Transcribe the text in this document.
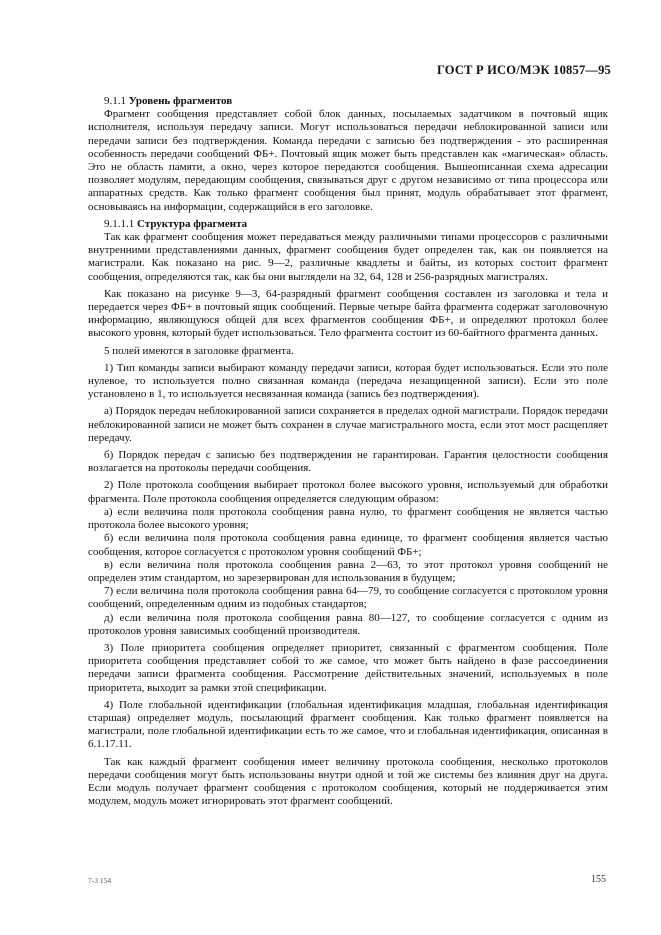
ГОСТ Р ИСО/МЭК 10857—95

9.1.1 Уровень фрагментов

Фрагмент сообщения представляет собой блок данных, посылаемых задатчиком в почтовый ящик исполнителя, используя передачу записи. Могут использоваться передачи неблокированной записи или передачи записи без подтверждения. Команда передачи с записью без подтверждения - это расширенная особенность передачи сообщений ФБ+. Почтовый ящик может быть представлен как «магическая» область. Это не область памяти, а окно, через которое передаются сообщения. Вышеописанная схема адресации позволяет модулям, передающим сообщения, связываться друг с другом независимо от типа процессора или аппаратных средств. Как только фрагмент сообщения был принят, модуль обрабатывает этот фрагмент, основываясь на информации, содержащийся в его заголовке.

9.1.1.1 Структура фрагмента

Так как фрагмент сообщения может передаваться между различными типами процессоров с различными внутренними представлениями данных, фрагмент сообщения будет определен так, как он появляется на магистрали. Как показано на рис. 9—2, различные квадлеты и байты, из которых состоит фрагмент сообщения, определяются так, как бы они выглядели на 32, 64, 128 и 256-разрядных магистралях.

Как показано на рисунке 9—3, 64-разрядный фрагмент сообщения составлен из заголовка и тела и передается через ФБ+ в почтовый ящик сообщений. Первые четыре байта фрагмента содержат заголовочную информацию, являющуюся общей для всех фрагментов сообщения ФБ+, и определяют протокол более высокого уровня, который будет использоваться. Тело фрагмента состоит из 60-байтного фрагмента данных.

5 полей имеются в заголовке фрагмента.

1) Тип команды записи выбирают команду передачи записи, которая будет использоваться. Если это поле нулевое, то используется полно связанная команда (передача незащищенной записи). Если это поле установлено в 1, то используется несвязанная команда (запись без подтверждения).

а) Порядок передач неблокированной записи сохраняется в пределах одной магистрали. Порядок передачи неблокированной записи не может быть сохранен в случае магистрального моста, если этот мост расщепляет передачу.

б) Порядок передач с записью без подтверждения не гарантирован. Гарантия целостности сообщения возлагается на протоколы передачи сообщения.

2) Поле протокола сообщения выбирает протокол более высокого уровня, используемый для обработки фрагмента. Поле протокола сообщения определяется следующим образом:

а) если величина поля протокола сообщения равна нулю, то фрагмент сообщения не является частью протокола более высокого уровня;

б) если величина поля протокола сообщения равна единице, то фрагмент сообщения является частью сообщения, которое согласуется с протоколом уровня сообщений ФБ+;

в) если величина поля протокола сообщения равна 2—63, то этот протокол уровня сообщений не определен этим стандартом, но зарезервирован для использования в будущем;

7) если величина поля протокола сообщения равна 64—79, то сообщение согласуется с протоколом уровня сообщений, определенным одним из подобных стандартов;

д) если величина поля протокола сообщения равна 80—127, то сообщение согласуется с одним из протоколов уровня зависимых сообщений производителя.

3) Поле приоритета сообщения определяет приоритет, связанный с фрагментом сообщения. Поле приоритета сообщения представляет собой то же самое, что может быть найдено в фазе рассоединения передачи записи фрагмента сообщения. Рассмотрение действительных значений, используемых в поле приоритета, выходит за рамки этой спецификации.

4) Поле глобальной идентификации (глобальная идентификация младшая, глобальная идентификация старшая) определяет модуль, посылающий фрагмент сообщения. Как только фрагмент появляется на магистрали, поле глобальной идентификации есть то же самое, что и глобальная идентификация, описанная в 6.1.17.11.

Так как каждый фрагмент сообщения имеет величину протокола сообщения, несколько протоколов передачи сообщения могут быть использованы внутри одной и той же системы без влияния друг на друга. Если модуль получает фрагмент сообщения с протоколом сообщения, который не поддерживается этим модулем, модуль может игнорировать этот фрагмент сообщений.

7-3 154	155
